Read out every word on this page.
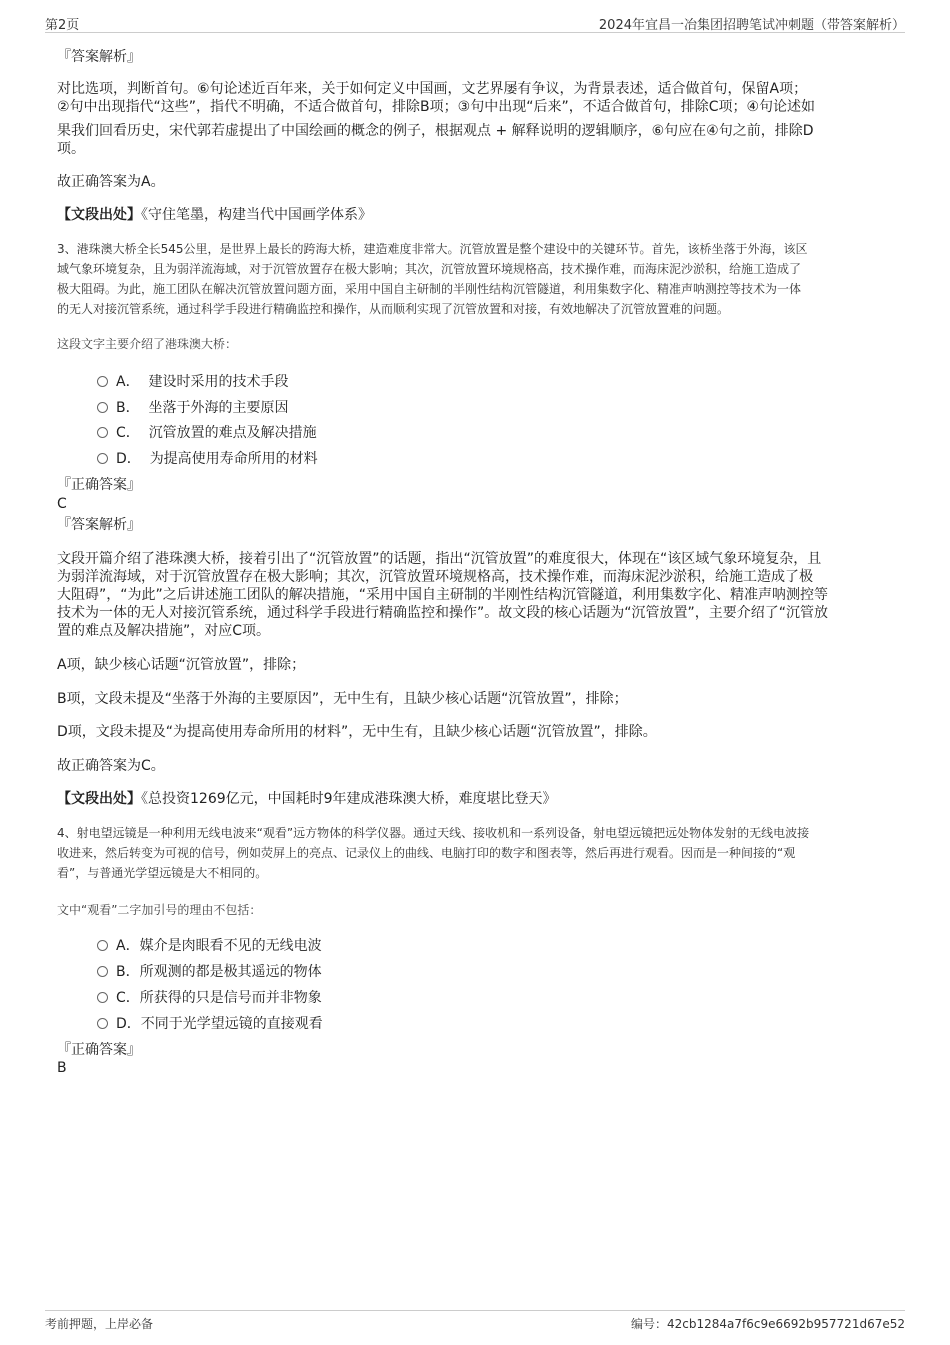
第2页	2024年宜昌一冶集团招聘笔试冲刺题（带答案解析）
『答案解析』
对比选项，判断首句。⑥句论述近百年来，关于如何定义中国画，文艺界屡有争议，为背景表述，适合做首句，保留A项；
②句中出现指代“这些”，指代不明确，不适合做首句，排除B项；③句中出现“后来”，不适合做首句，排除C项；④句论述如
果我们回看历史，宋代郭若虚提出了中国绘画的概念的例子，根据观点 + 解释说明的逻辑顺序，⑥句应在④句之前，排除D
项。
故正确答案为A。
【文段出处】《守住笔墨，构建当代中国画学体系》
3、港珠澳大桥全长545公里，是世界上最长的跨海大桥，建造难度非常大。沉管放置是整个建设中的关键环节。首先，该桥坐落于外海，该区
域气象环境复杂，且为弱洋流海域，对于沉管放置存在极大影响；其次，沉管放置环境规格高，技术操作难，而海床泥沙淤积，给施工造成了
极大阻碍。为此，施工团队在解决沉管放置问题方面，采用中国自主研制的半刚性结构沉管隧道，利用集数字化、精准声呐测控等技术为一体
的无人对接沉管系统，通过科学手段进行精确监控和操作，从而顺利实现了沉管放置和对接，有效地解决了沉管放置难的问题。
这段文字主要介绍了港珠澳大桥：
A． 建设时采用的技术手段
B． 坐落于外海的主要原因
C． 沉管放置的难点及解决措施
D． 为提高使用寿命所用的材料
『正确答案』
C
『答案解析』
文段开篇介绍了港珠澳大桥，接着引出了“沉管放置”的话题，指出“沉管放置”的难度很大，体现在“该区域气象环境复杂，且
为弱洋流海域，对于沉管放置存在极大影响；其次，沉管放置环境规格高，技术操作难，而海床泥沙淤积，给施工造成了极
大阻碍”，“为此”之后讲述施工团队的解决措施，“采用中国自主研制的半刚性结构沉管隧道，利用集数字化、精准声呐测控等
技术为一体的无人对接沉管系统，通过科学手段进行精确监控和操作”。故文段的核心话题为“沉管放置”，主要介绍了“沉管放
置的难点及解决措施”，对应C项。
A项，缺少核心话题“沉管放置”，排除；
B项，文段未提及“坐落于外海的主要原因”，无中生有，且缺少核心话题“沉管放置”，排除；
D项，文段未提及“为提高使用寿命所用的材料”，无中生有，且缺少核心话题“沉管放置”，排除。
故正确答案为C。
【文段出处】《总投资1269亿元，中国耗时9年建成港珠澳大桥，难度堪比登天》
4、射电望远镜是一种利用无线电波来“观看”远方物体的科学仪器。通过天线、接收机和一系列设备，射电望远镜把远处物体发射的无线电波接
收进来，然后转变为可视的信号，例如荧屏上的亮点、记录仪上的曲线、电脑打印的数字和图表等，然后再进行观看。因而是一种间接的“观
看”，与普通光学望远镜是大不相同的。
文中“观看”二字加引号的理由不包括：
A．媒介是肉眼看不见的无线电波
B．所观测的都是极其遥远的物体
C．所获得的只是信号而并非物象
D．不同于光学望远镜的直接观看
『正确答案』
B
考前押题，上岸必备	编号：42cb1284a7f6c9e6692b957721d67e52
